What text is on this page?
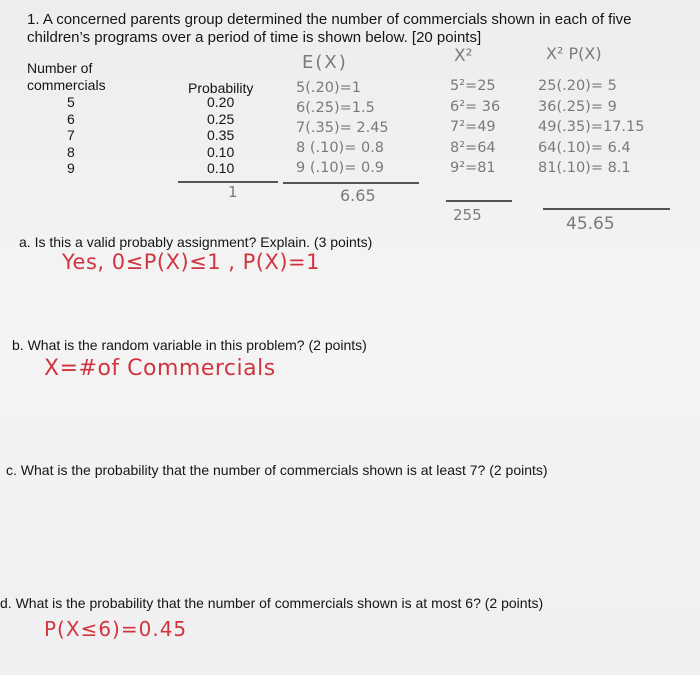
1. A concerned parents group determined the number of commercials shown in each of five
children’s programs over a period of time is shown below. [20 points]
Number of
commercials	Probability
5
6
7
8
9
0.20
0.25
0.35
0.10
0.10
1
E(X)
5(.20)=1
6(.25)=1.5
7(.35)= 2.45
8 (.10)= 0.8
9 (.10)= 0.9
6.65
X²
5²=25
6²= 36
7²=49
8²=64
9²=81
255
X² P(X)
25(.20)= 5
36(.25)= 9
49(.35)=17.15
64(.10)= 6.4
81(.10)= 8.1
45.65
a. Is this a valid probably assignment? Explain. (3 points)
Yes, 0≤P(X)≤1 , P(X)=1
b. What is the random variable in this problem? (2 points)
X=#of Commercials
c. What is the probability that the number of commercials shown is at least 7? (2 points)
d. What is the probability that the number of commercials shown is at most 6? (2 points)
P(X≤6)=0.45
